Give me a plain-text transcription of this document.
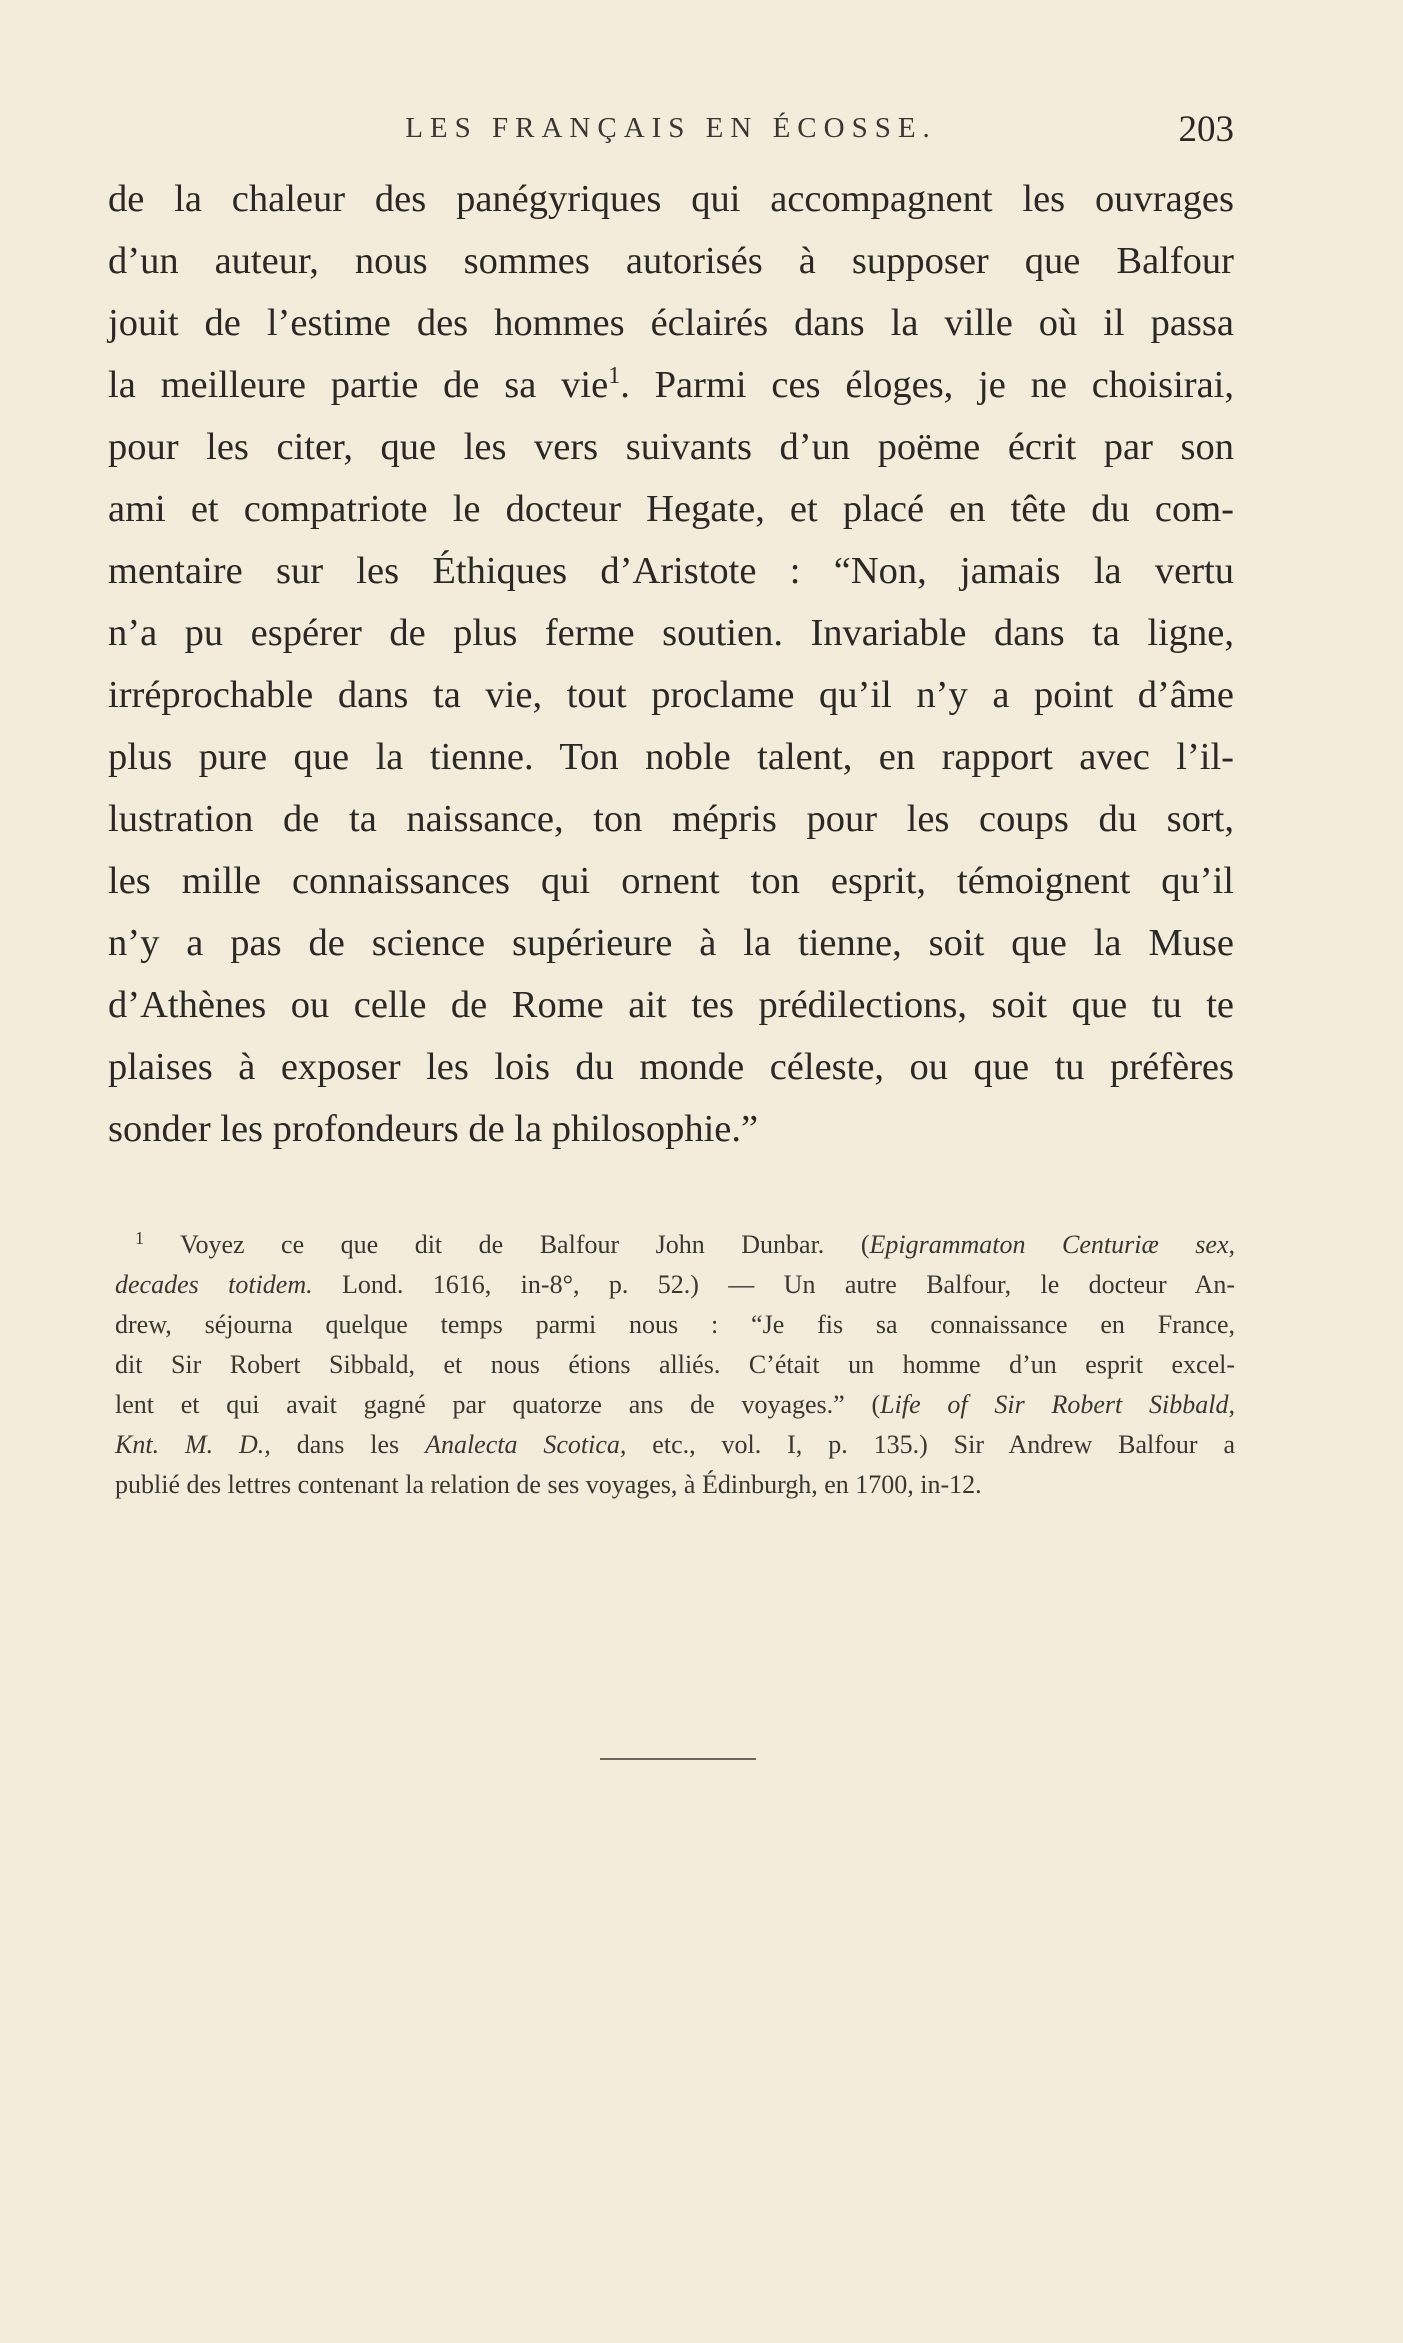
LES FRANÇAIS EN ÉCOSSE.	203
de la chaleur des panégyriques qui accompagnent les ouvrages
d’un auteur, nous sommes autorisés à supposer que Balfour
jouit de l’estime des hommes éclairés dans la ville où il passa
la meilleure partie de sa vie$^1$. Parmi ces éloges, je ne choisirai,
pour les citer, que les vers suivants d’un poëme écrit par son
ami et compatriote le docteur Hegate, et placé en tête du com-
mentaire sur les Éthiques d’Aristote : “Non, jamais la vertu
n’a pu espérer de plus ferme soutien. Invariable dans ta ligne,
irréprochable dans ta vie, tout proclame qu’il n’y a point d’âme
plus pure que la tienne. Ton noble talent, en rapport avec l’il-
lustration de ta naissance, ton mépris pour les coups du sort,
les mille connaissances qui ornent ton esprit, témoignent qu’il
n’y a pas de science supérieure à la tienne, soit que la Muse
d’Athènes ou celle de Rome ait tes prédilections, soit que tu te
plaises à exposer les lois du monde céleste, ou que tu préfères
sonder les profondeurs de la philosophie.”
$^1$ Voyez ce que dit de Balfour John Dunbar. (Epigrammaton Centuriæ sex,
decades totidem. Lond. 1616, in-8°, p. 52.) — Un autre Balfour, le docteur An-
drew, séjourna quelque temps parmi nous : “Je fis sa connaissance en France,
dit Sir Robert Sibbald, et nous étions alliés. C’était un homme d’un esprit excel-
lent et qui avait gagné par quatorze ans de voyages.” (Life of Sir Robert Sibbald,
Knt. M. D., dans les Analecta Scotica, etc., vol. I, p. 135.) Sir Andrew Balfour a
publié des lettres contenant la relation de ses voyages, à Édinburgh, en 1700, in-12.
